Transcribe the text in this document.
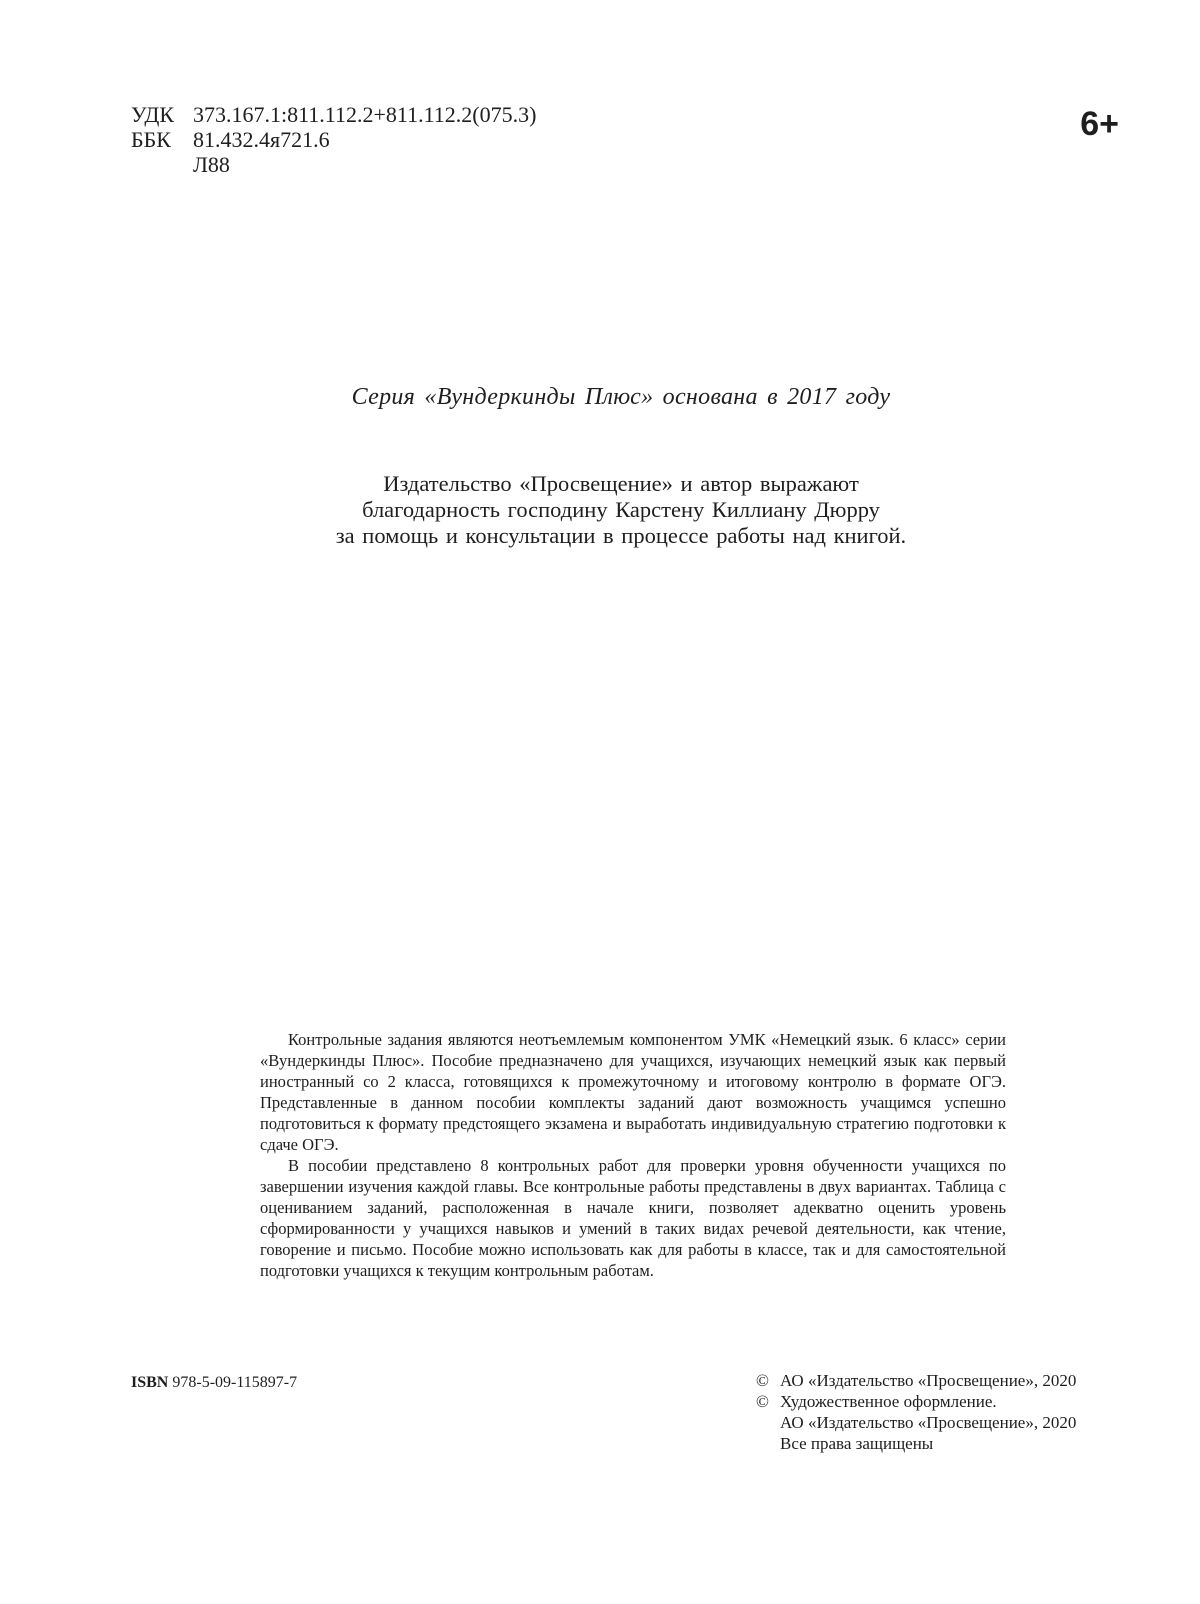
УДК 373.167.1:811.112.2+811.112.2(075.3)
ББК	81.432.4я721.6
Л88
6+
Серия «Вундеркинды Плюс» основана в 2017 году
Издательство «Просвещение» и автор выражают
благодарность господину Карстену Киллиану Дюрру
за помощь и консультации в процессе работы над книгой.

Контрольные задания являются неотъемлемым компонентом УМК «Немецкий язык. 6 класс» серии «Вундеркинды Плюс». Пособие предназначено для учащихся, изучающих немецкий язык как первый иностранный со 2 класса, готовящихся к промежуточному и итоговому контролю в формате ОГЭ. Представленные в данном пособии комплекты заданий дают возможность учащимся успешно подготовиться к формату предстоящего экзамена и выработать индивидуальную стратегию подготовки к сдаче ОГЭ.

В пособии представлено 8 контрольных работ для проверки уровня обученности учащихся по завершении изучения каждой главы. Все контрольные работы представлены в двух вариантах. Таблица с оцениванием заданий, расположенная в начале книги, позволяет адекватно оценить уровень сформированности у учащихся навыков и умений в таких видах речевой деятельности, как чтение, говорение и письмо. Пособие можно использовать как для работы в классе, так и для самостоятельной подготовки учащихся к текущим контрольным работам.

ISBN 978-5-09-115897-7	© АО «Издательство «Просвещение», 2020
© Художественное оформление.
АО «Издательство «Просвещение», 2020
Все права защищены
